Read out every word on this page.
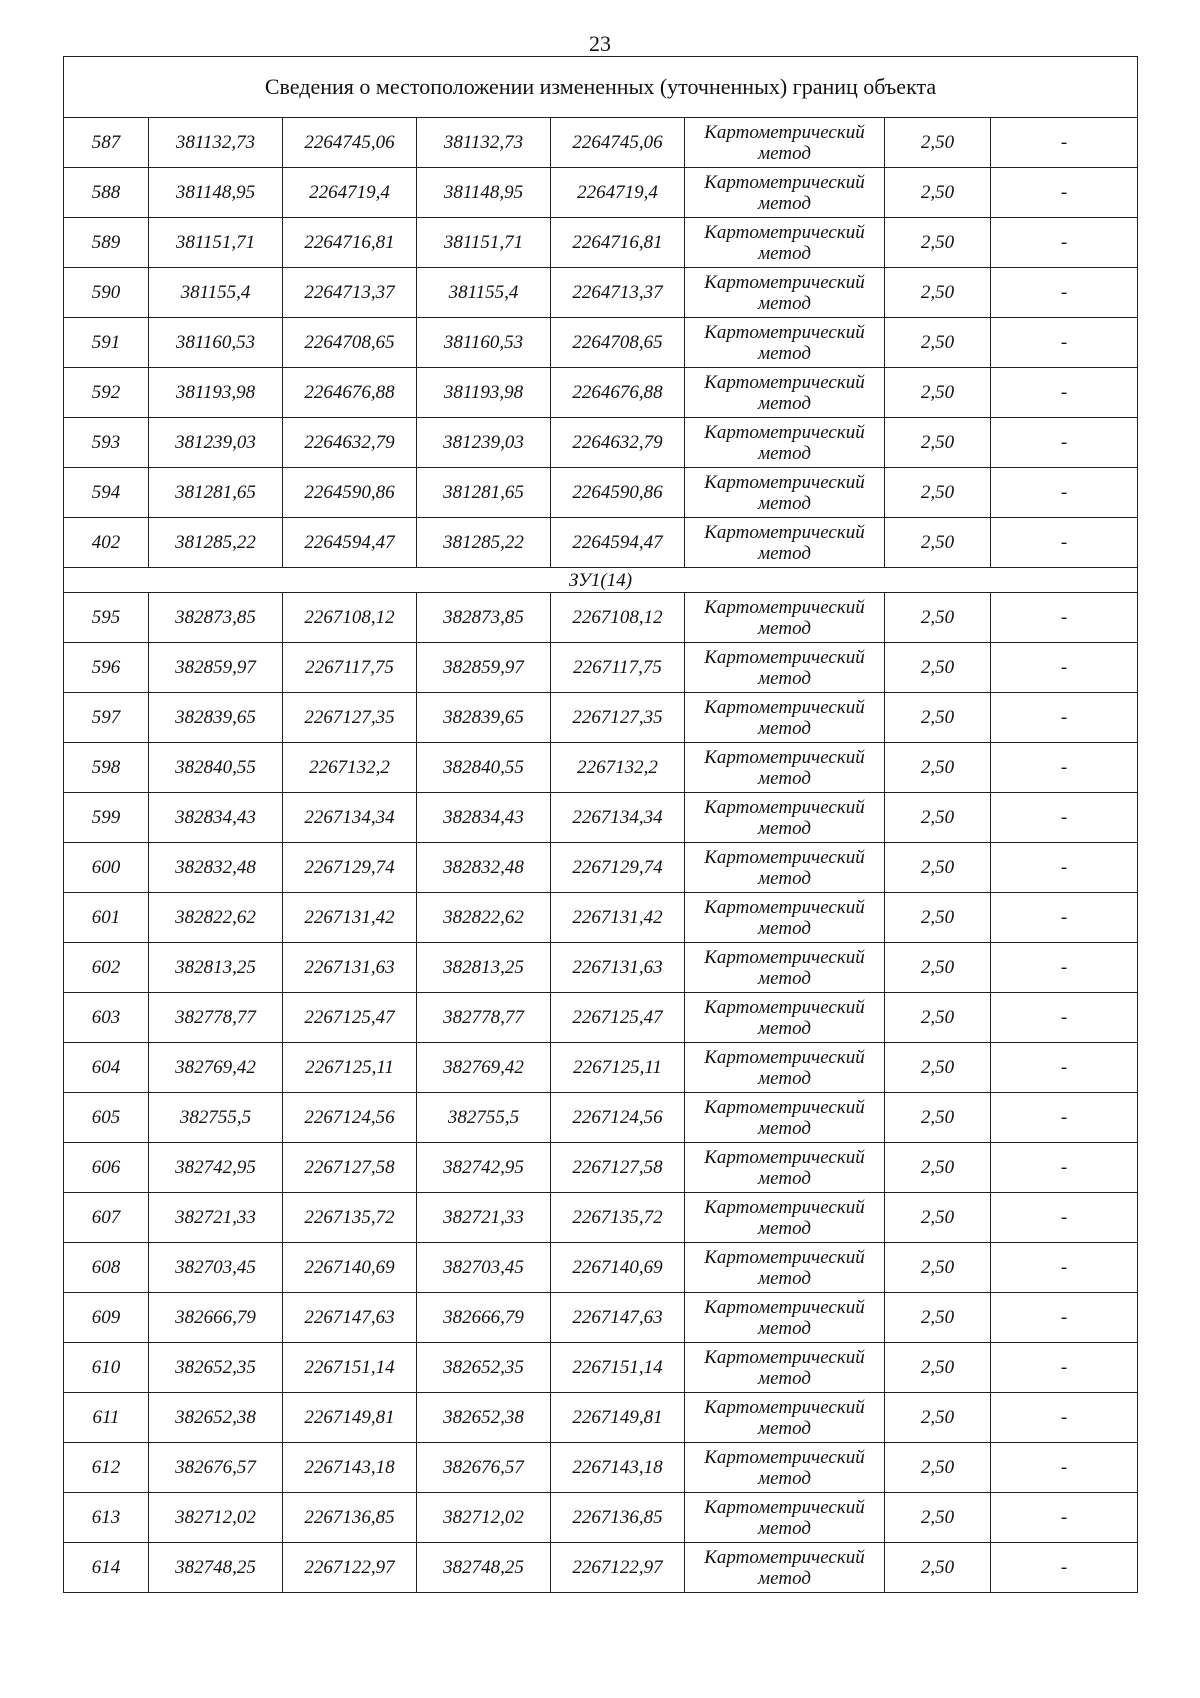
23
Сведения о местоположении измененных (уточненных) границ объекта							
587	381132,73	2264745,06	381132,73	2264745,06	Картометрический метод	2,50	-
588	381148,95	2264719,4	381148,95	2264719,4	Картометрический метод	2,50	-
589	381151,71	2264716,81	381151,71	2264716,81	Картометрический метод	2,50	-
590	381155,4	2264713,37	381155,4	2264713,37	Картометрический метод	2,50	-
591	381160,53	2264708,65	381160,53	2264708,65	Картометрический метод	2,50	-
592	381193,98	2264676,88	381193,98	2264676,88	Картометрический метод	2,50	-
593	381239,03	2264632,79	381239,03	2264632,79	Картометрический метод	2,50	-
594	381281,65	2264590,86	381281,65	2264590,86	Картометрический метод	2,50	-
402	381285,22	2264594,47	381285,22	2264594,47	Картометрический метод	2,50	-
ЗУ1(14)							
595	382873,85	2267108,12	382873,85	2267108,12	Картометрический метод	2,50	-
596	382859,97	2267117,75	382859,97	2267117,75	Картометрический метод	2,50	-
597	382839,65	2267127,35	382839,65	2267127,35	Картометрический метод	2,50	-
598	382840,55	2267132,2	382840,55	2267132,2	Картометрический метод	2,50	-
599	382834,43	2267134,34	382834,43	2267134,34	Картометрический метод	2,50	-
600	382832,48	2267129,74	382832,48	2267129,74	Картометрический метод	2,50	-
601	382822,62	2267131,42	382822,62	2267131,42	Картометрический метод	2,50	-
602	382813,25	2267131,63	382813,25	2267131,63	Картометрический метод	2,50	-
603	382778,77	2267125,47	382778,77	2267125,47	Картометрический метод	2,50	-
604	382769,42	2267125,11	382769,42	2267125,11	Картометрический метод	2,50	-
605	382755,5	2267124,56	382755,5	2267124,56	Картометрический метод	2,50	-
606	382742,95	2267127,58	382742,95	2267127,58	Картометрический метод	2,50	-
607	382721,33	2267135,72	382721,33	2267135,72	Картометрический метод	2,50	-
608	382703,45	2267140,69	382703,45	2267140,69	Картометрический метод	2,50	-
609	382666,79	2267147,63	382666,79	2267147,63	Картометрический метод	2,50	-
610	382652,35	2267151,14	382652,35	2267151,14	Картометрический метод	2,50	-
611	382652,38	2267149,81	382652,38	2267149,81	Картометрический метод	2,50	-
612	382676,57	2267143,18	382676,57	2267143,18	Картометрический метод	2,50	-
613	382712,02	2267136,85	382712,02	2267136,85	Картометрический метод	2,50	-
614	382748,25	2267122,97	382748,25	2267122,97	Картометрический метод	2,50	-
